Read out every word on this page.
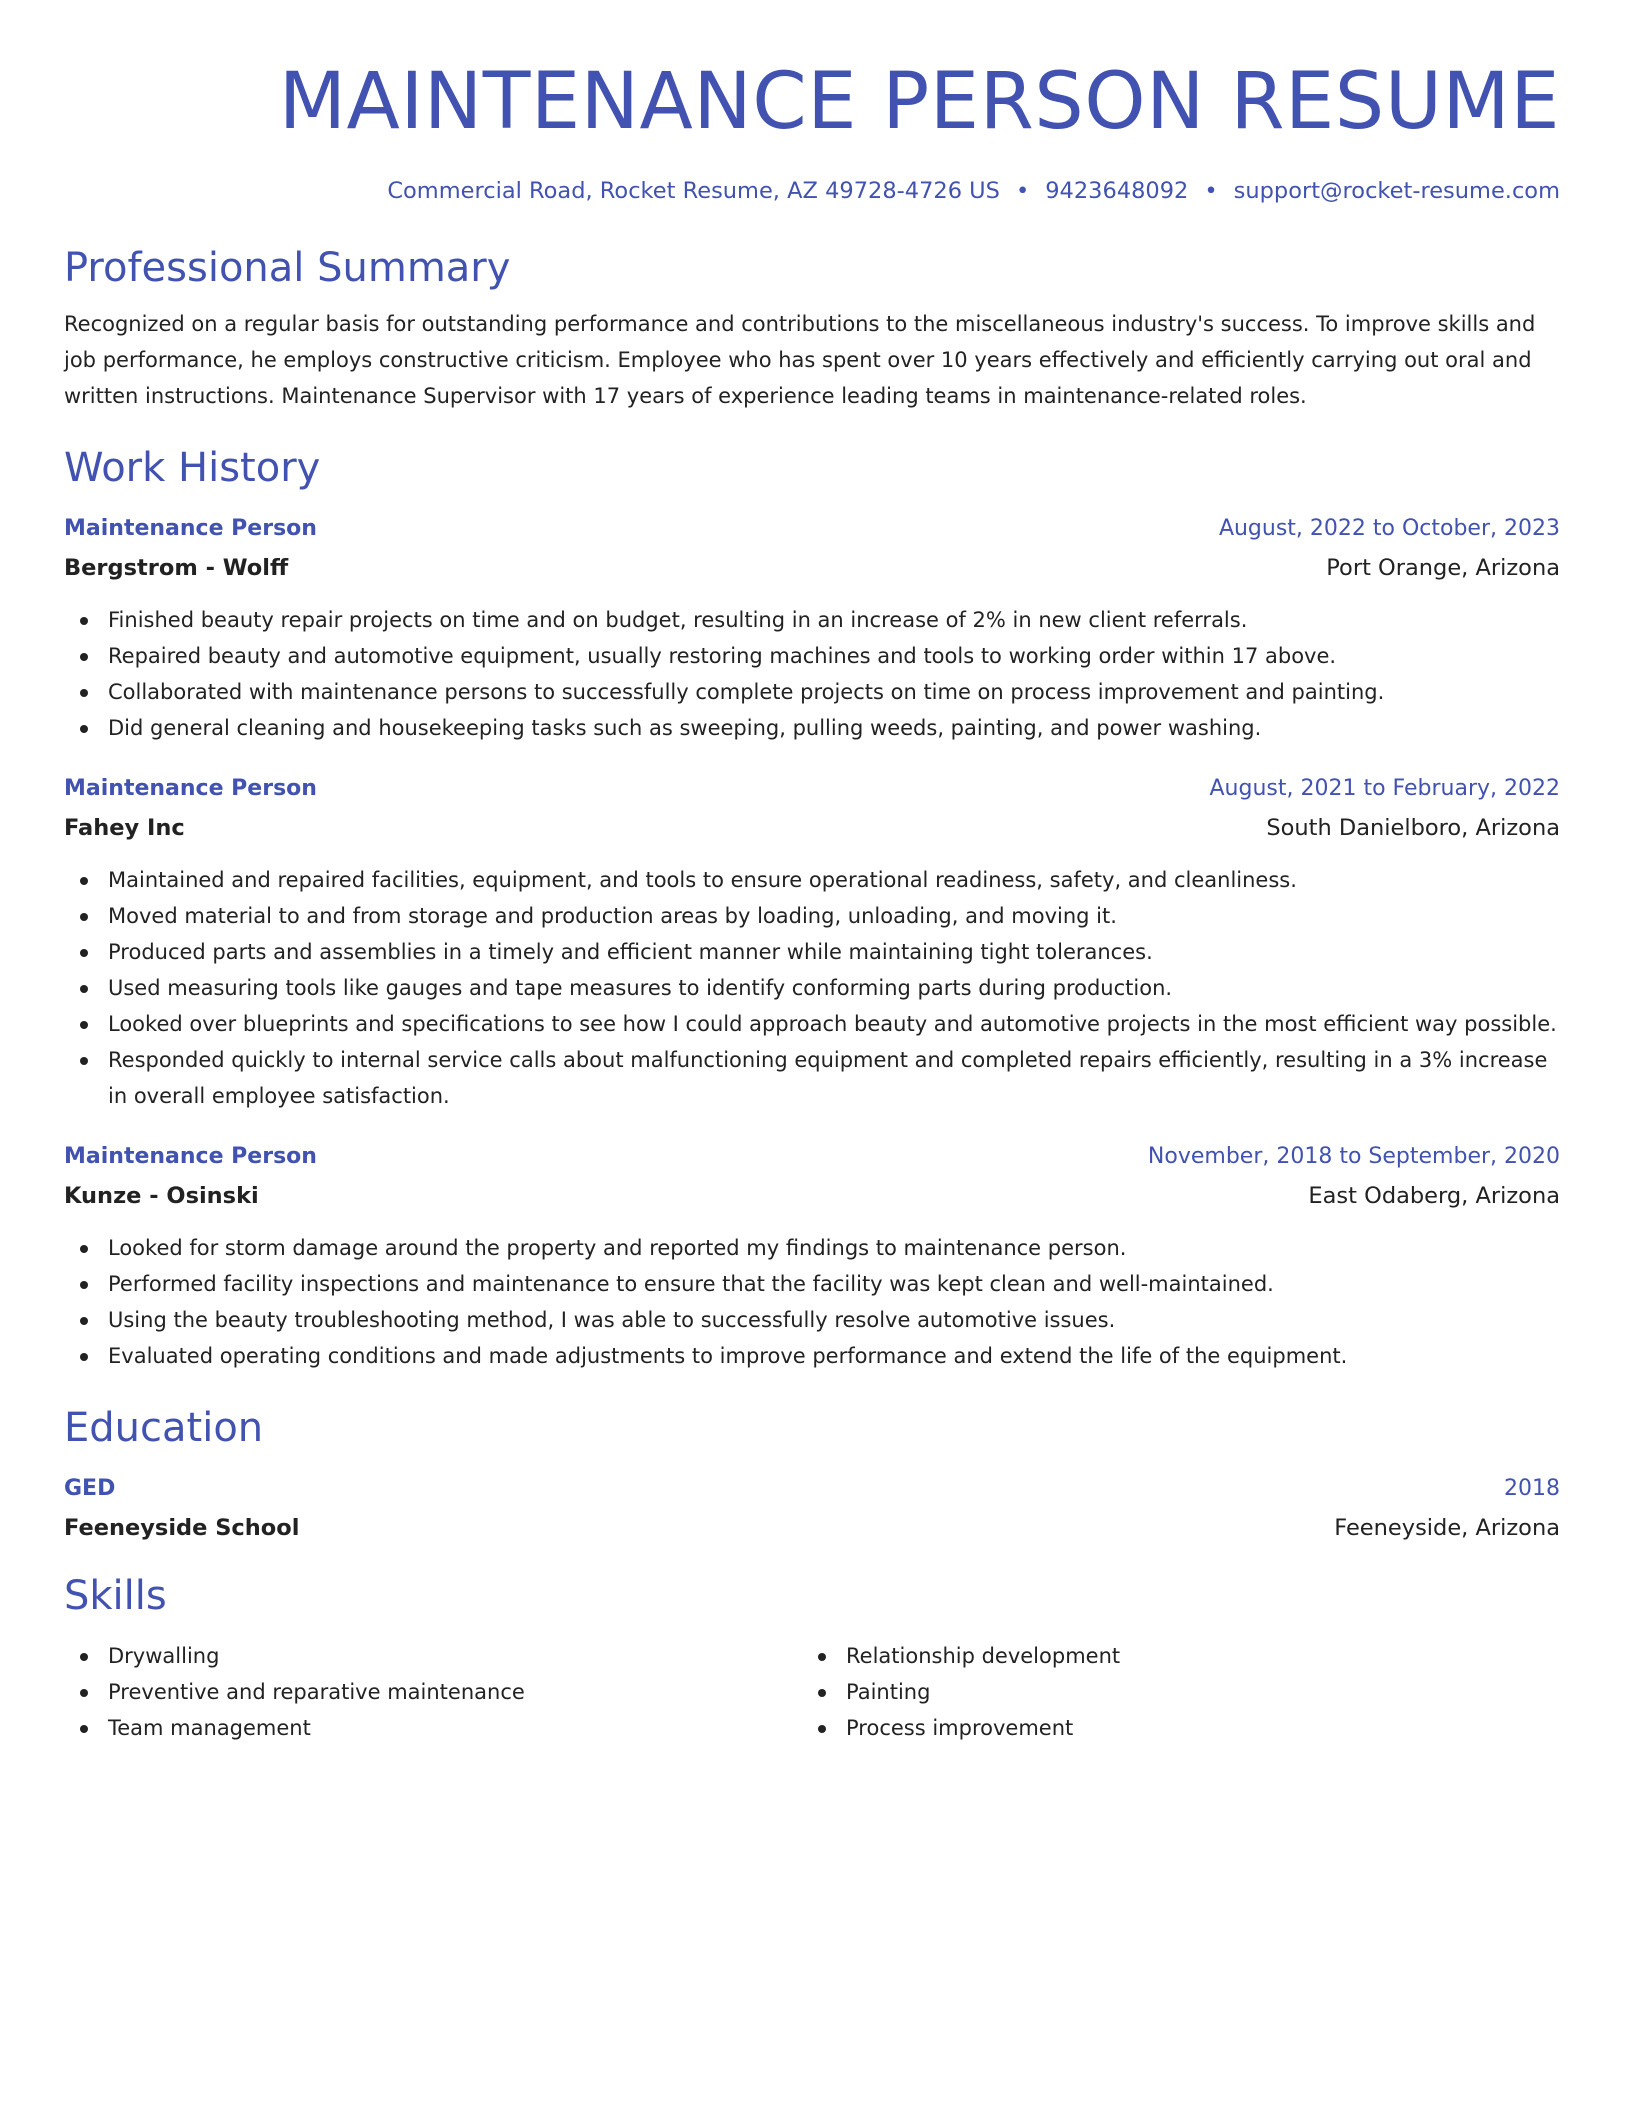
MAINTENANCE PERSON RESUME
Commercial Road, Rocket Resume, AZ 49728-4726 US • 9423648092 • support@rocket-resume.com
Professional Summary
Recognized on a regular basis for outstanding performance and contributions to the miscellaneous industry's success. To improve skills and job performance, he employs constructive criticism. Employee who has spent over 10 years effectively and efficiently carrying out oral and written instructions. Maintenance Supervisor with 17 years of experience leading teams in maintenance-related roles.
Work History
Maintenance Person	August, 2022 to October, 2023
Bergstrom - Wolff	Port Orange, Arizona
Finished beauty repair projects on time and on budget, resulting in an increase of 2% in new client referrals.
Repaired beauty and automotive equipment, usually restoring machines and tools to working order within 17 above.
Collaborated with maintenance persons to successfully complete projects on time on process improvement and painting.
Did general cleaning and housekeeping tasks such as sweeping, pulling weeds, painting, and power washing.
Maintenance Person	August, 2021 to February, 2022
Fahey Inc	South Danielboro, Arizona
Maintained and repaired facilities, equipment, and tools to ensure operational readiness, safety, and cleanliness.
Moved material to and from storage and production areas by loading, unloading, and moving it.
Produced parts and assemblies in a timely and efficient manner while maintaining tight tolerances.
Used measuring tools like gauges and tape measures to identify conforming parts during production.
Looked over blueprints and specifications to see how I could approach beauty and automotive projects in the most efficient way possible.
Responded quickly to internal service calls about malfunctioning equipment and completed repairs efficiently, resulting in a 3% increase in overall employee satisfaction.
Maintenance Person	November, 2018 to September, 2020
Kunze - Osinski	East Odaberg, Arizona
Looked for storm damage around the property and reported my findings to maintenance person.
Performed facility inspections and maintenance to ensure that the facility was kept clean and well-maintained.
Using the beauty troubleshooting method, I was able to successfully resolve automotive issues.
Evaluated operating conditions and made adjustments to improve performance and extend the life of the equipment.
Education
GED	2018
Feeneyside School	Feeneyside, Arizona
Skills
Drywalling
Preventive and reparative maintenance
Team management
Relationship development
Painting
Process improvement
